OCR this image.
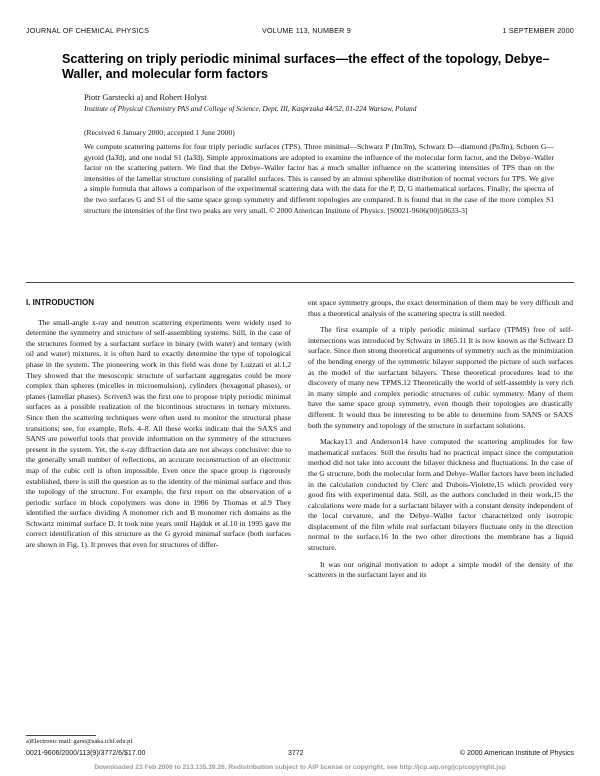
JOURNAL OF CHEMICAL PHYSICS	VOLUME 113, NUMBER 9	1 SEPTEMBER 2000
Scattering on triply periodic minimal surfaces—the effect of the topology, Debye–Waller, and molecular form factors
Piotr Garstecki a) and Robert Holyst
Institute of Physical Chemistry PAS and College of Science, Dept. III, Kasprzaka 44/52, 01-224 Warsaw, Poland
(Received 6 January 2000; accepted 1 June 2000)
We compute scattering patterns for four triply periodic surfaces (TPS). Three minimal—Schwarz P (Im3̄m), Schwarz D—diamond (Pn3̄m), Schoen G—gyroid (Ia3̄d), and one nodal S1 (Ia3̄d). Simple approximations are adopted to examine the influence of the molecular form factor, and the Debye–Waller factor on the scattering pattern. We find that the Debye–Waller factor has a much smaller influence on the scattering intensities of TPS than on the intensities of the lamellar structure consisting of parallel surfaces. This is caused by an almost spherelike distribution of normal vectors for TPS. We give a simple formula that allows a comparison of the experimental scattering data with the data for the P, D, G mathematical surfaces. Finally, the spectra of the two surfaces G and S1 of the same space group symmetry and different topologies are compared. It is found that in the case of the more complex S1 structure the intensities of the first two peaks are very small. © 2000 American Institute of Physics. [S0021-9606(00)50633-3]
I. INTRODUCTION

The small-angle x-ray and neutron scattering experiments were widely used to determine the symmetry and structure of self-assembling systems. Still, in the case of the structures formed by a surfactant surface in binary (with water) and ternary (with oil and water) mixtures, it is often hard to exactly determine the type of topological phase in the system. The pioneering work in this field was done by Luzzati et al.1,2 They showed that the mesoscopic structure of surfactant aggregates could be more complex than spheres (micelles in microemulsion), cylinders (hexagonal phases), or planes (lamellar phases). Scriven3 was the first one to propose triply periodic minimal surfaces as a possible realization of the bicontinous structures in ternary mixtures. Since then the scattering techniques were often used to monitor the structural phase transitions; see, for example, Refs. 4–8. All these works indicate that the SAXS and SANS are powerful tools that provide information on the symmetry of the structures present in the system. Yet, the x-ray diffraction data are not always conclusive: due to the generally small number of reflections, an accurate reconstruction of an electronic map of the cubic cell is often impossible. Even once the space group is rigorously established, there is still the question as to the identity of the minimal surface and thus the topology of the structure. For example, the first report on the observation of a periodic surface in block copolymers was done in 1986 by Thomas et al.9 They identified the surface dividing A monomer rich and B monomer rich domains as the Schwartz minimal surface D. It took nine years until Hajduk et al.10 in 1995 gave the correct identification of this structure as the G gyroid minimal surface (both surfaces are shown in Fig. 1). It proves that even for structures of differ-

ent space symmetry groups, the exact determination of them may be very difficult and thus a theoretical analysis of the scattering spectra is still needed.

The first example of a triply periodic minimal surface (TPMS) free of self-intersections was introduced by Schwarz in 1865.11 It is now known as the Schwarz D surface. Since then strong theoretical arguments of symmetry such as the minimization of the bending energy of the symmetric bilayer supported the picture of such surfaces as the model of the surfactant bilayers. These theoretical procedures lead to the discovery of many new TPMS.12 Theoretically the world of self-assembly is very rich in many simple and complex periodic structures of cubic symmetry. Many of them have the same space group symmetry, even though their topologies are drastically different. It would thus be interesting to be able to determine from SANS or SAXS both the symmetry and topology of the structure in surfactant solutions.

Mackay13 and Anderson14 have computed the scattering amplitudes for few mathematical surfaces. Still the results had no practical impact since the computation method did not take into account the bilayer thickness and fluctuations. In the case of the G structure, both the molecular form and Debye–Waller factors have been included in the calculation conducted by Clerc and Dubois-Violette,15 which provided very good fits with experimental data. Still, as the authors concluded in their work,15 the calculations were made for a surfactant bilayer with a constant density independent of the local curvature, and the Debye–Waller factor characterized only isotropic displacement of the film while real surfactant bilayers fluctuate only in the direction normal to the surface.16 In the two other directions the membrane has a liquid structure.

It was our original motivation to adopt a simple model of the density of the scatterers in the surfactant layer and its

a)Electronic mail: garst@saka.ichf.edu.pl
0021-9606/2000/113(9)/3772/6/$17.00	3772	© 2000 American Institute of Physics
Downloaded 23 Feb 2006 to 213.135.39.26. Redistribution subject to AIP license or copyright, see http://jcp.aip.org/jcp/copyright.jsp
